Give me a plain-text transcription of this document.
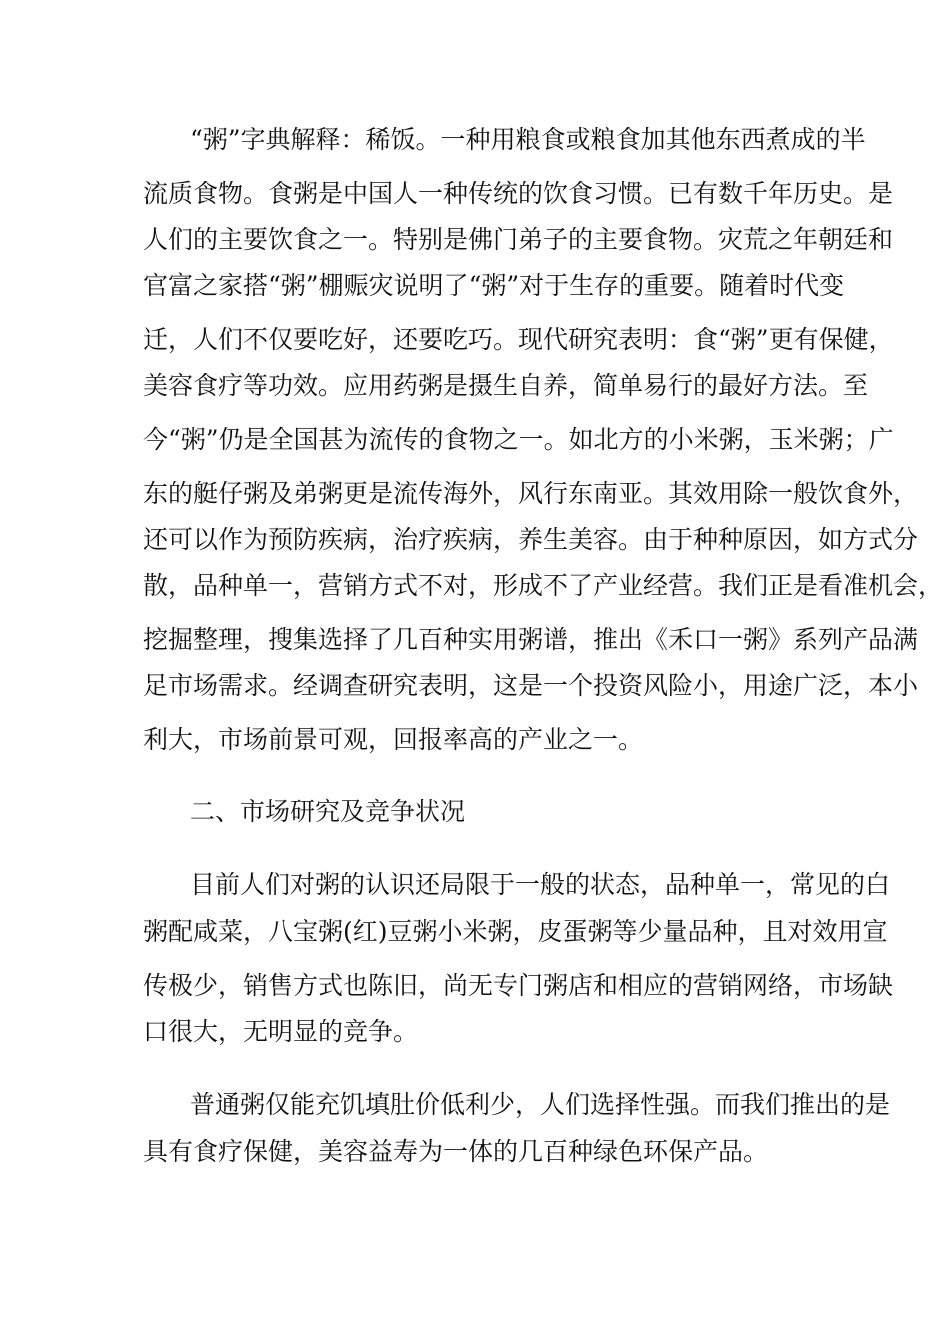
“粥”字典解释：稀饭。一种用粮食或粮食加其他东西煮成的半
流质食物。食粥是中国人一种传统的饮食习惯。已有数千年历史。是
人们的主要饮食之一。特别是佛门弟子的主要食物。灾荒之年朝廷和
官富之家搭“粥”棚赈灾说明了“粥”对于生存的重要。随着时代变
迁，人们不仅要吃好，还要吃巧。现代研究表明：食“粥”更有保健，
美容食疗等功效。应用药粥是摄生自养，简单易行的最好方法。至
今“粥”仍是全国甚为流传的食物之一。如北方的小米粥，玉米粥；广
东的艇仔粥及弟粥更是流传海外，风行东南亚。其效用除一般饮食外，
还可以作为预防疾病，治疗疾病，养生美容。由于种种原因，如方式分
散，品种单一，营销方式不对，形成不了产业经营。我们正是看准机会，
挖掘整理，搜集选择了几百种实用粥谱，推出《禾口一粥》系列产品满
足市场需求。经调查研究表明，这是一个投资风险小，用途广泛，本小
利大，市场前景可观，回报率高的产业之一。
二、市场研究及竞争状况
目前人们对粥的认识还局限于一般的状态，品种单一，常见的白
粥配咸菜，八宝粥(红)豆粥小米粥，皮蛋粥等少量品种，且对效用宣
传极少，销售方式也陈旧，尚无专门粥店和相应的营销网络，市场缺
口很大，无明显的竞争。
普通粥仅能充饥填肚价低利少，人们选择性强。而我们推出的是
具有食疗保健，美容益寿为一体的几百种绿色环保产品。
